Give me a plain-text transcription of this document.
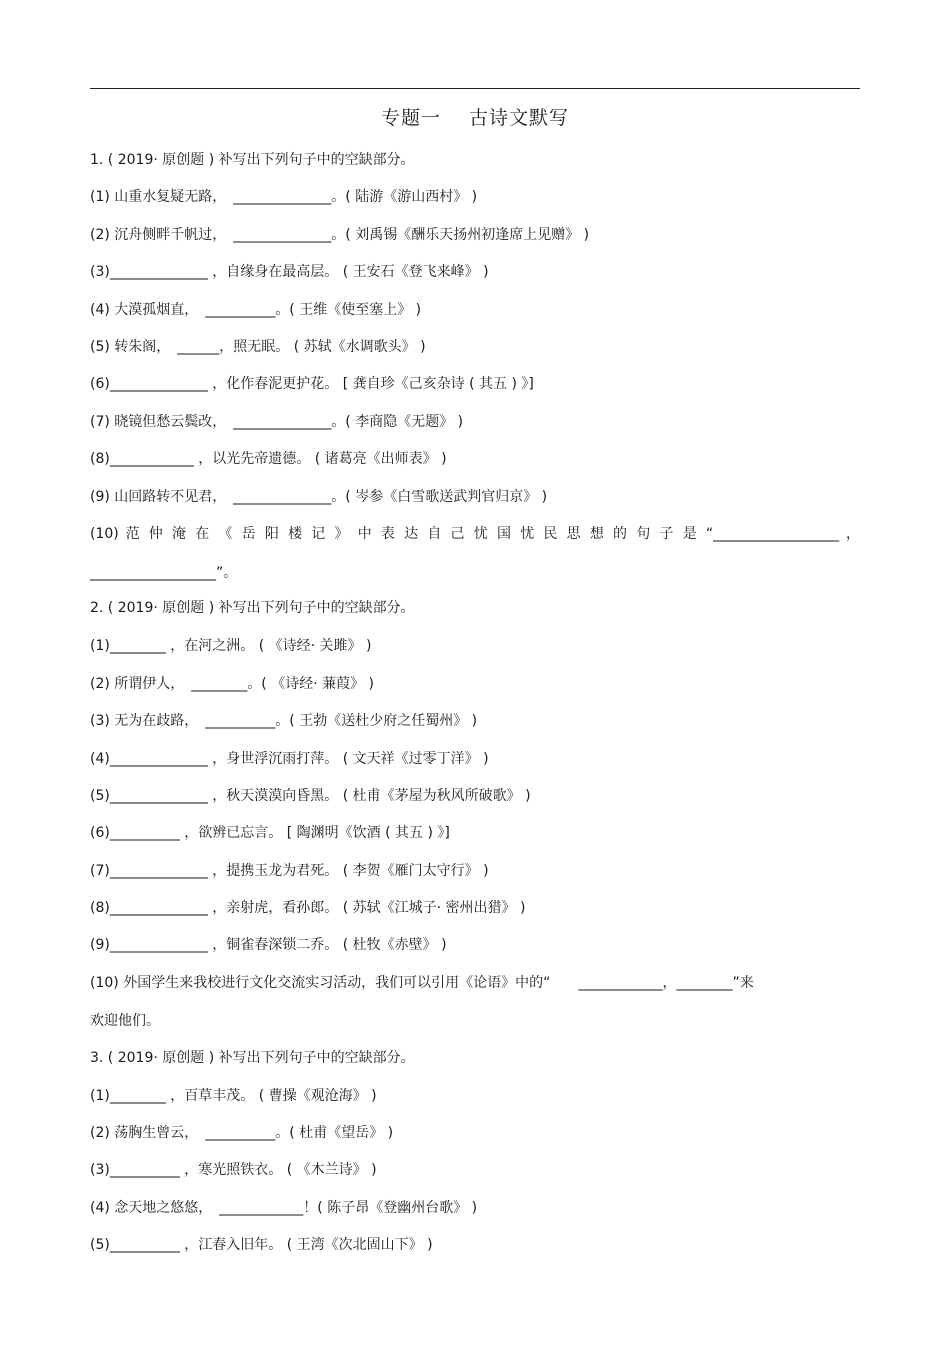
专题一 古诗文默写
1. ( 2019· 原创题 ) 补写出下列句子中的空缺部分。
(1) 山重水复疑无路，　______________。( 陆游《游山西村》 )
(2) 沉舟侧畔千帆过，　______________。( 刘禹锡《酬乐天扬州初逢席上见赠》 )
(3)______________ ，自缘身在最高层。 ( 王安石《登飞来峰》 )
(4) 大漠孤烟直，　__________。( 王维《使至塞上》 )
(5) 转朱阁，　______，照无眠。 ( 苏轼《水调歌头》 )
(6)______________ ，化作春泥更护花。 [ 龚自珍《己亥杂诗 ( 其五 ) 》]
(7) 晓镜但愁云鬓改，　______________。( 李商隐《无题》 )
(8)____________ ，以光先帝遗德。 ( 诸葛亮《出师表》 )
(9) 山回路转不见君，　______________。( 岑参《白雪歌送武判官归京》 )
(10) 范 仲 淹 在 《 岳 阳 楼 记 》 中 表 达 自 己 忧 国 忧 民 思 想 的 句 子 是 “__________________ ，
__________________”。
2. ( 2019· 原创题 ) 补写出下列句子中的空缺部分。
(1)________ ，在河之洲。 ( 《诗经· 关雎》 )
(2) 所谓伊人，　________。( 《诗经· 蒹葭》 )
(3) 无为在歧路，　__________。( 王勃《送杜少府之任蜀州》 )
(4)______________ ，身世浮沉雨打萍。 ( 文天祥《过零丁洋》 )
(5)______________ ，秋天漠漠向昏黑。 ( 杜甫《茅屋为秋风所破歌》 )
(6)__________ ，欲辨已忘言。 [ 陶渊明《饮酒 ( 其五 ) 》]
(7)______________ ，提携玉龙为君死。 ( 李贺《雁门太守行》 )
(8)______________ ，亲射虎，看孙郎。 ( 苏轼《江城子· 密州出猎》 )
(9)______________ ，铜雀春深锁二乔。 ( 杜牧《赤壁》 )
(10) 外国学生来我校进行文化交流实习活动，我们可以引用《论语》中的“　　____________，________”来
欢迎他们。
3. ( 2019· 原创题 ) 补写出下列句子中的空缺部分。
(1)________ ，百草丰茂。 ( 曹操《观沧海》 )
(2) 荡胸生曾云，　__________。( 杜甫《望岳》 )
(3)__________ ，寒光照铁衣。 ( 《木兰诗》 )
(4) 念天地之悠悠，　____________！( 陈子昂《登幽州台歌》 )
(5)__________ ，江春入旧年。 ( 王湾《次北固山下》 )
